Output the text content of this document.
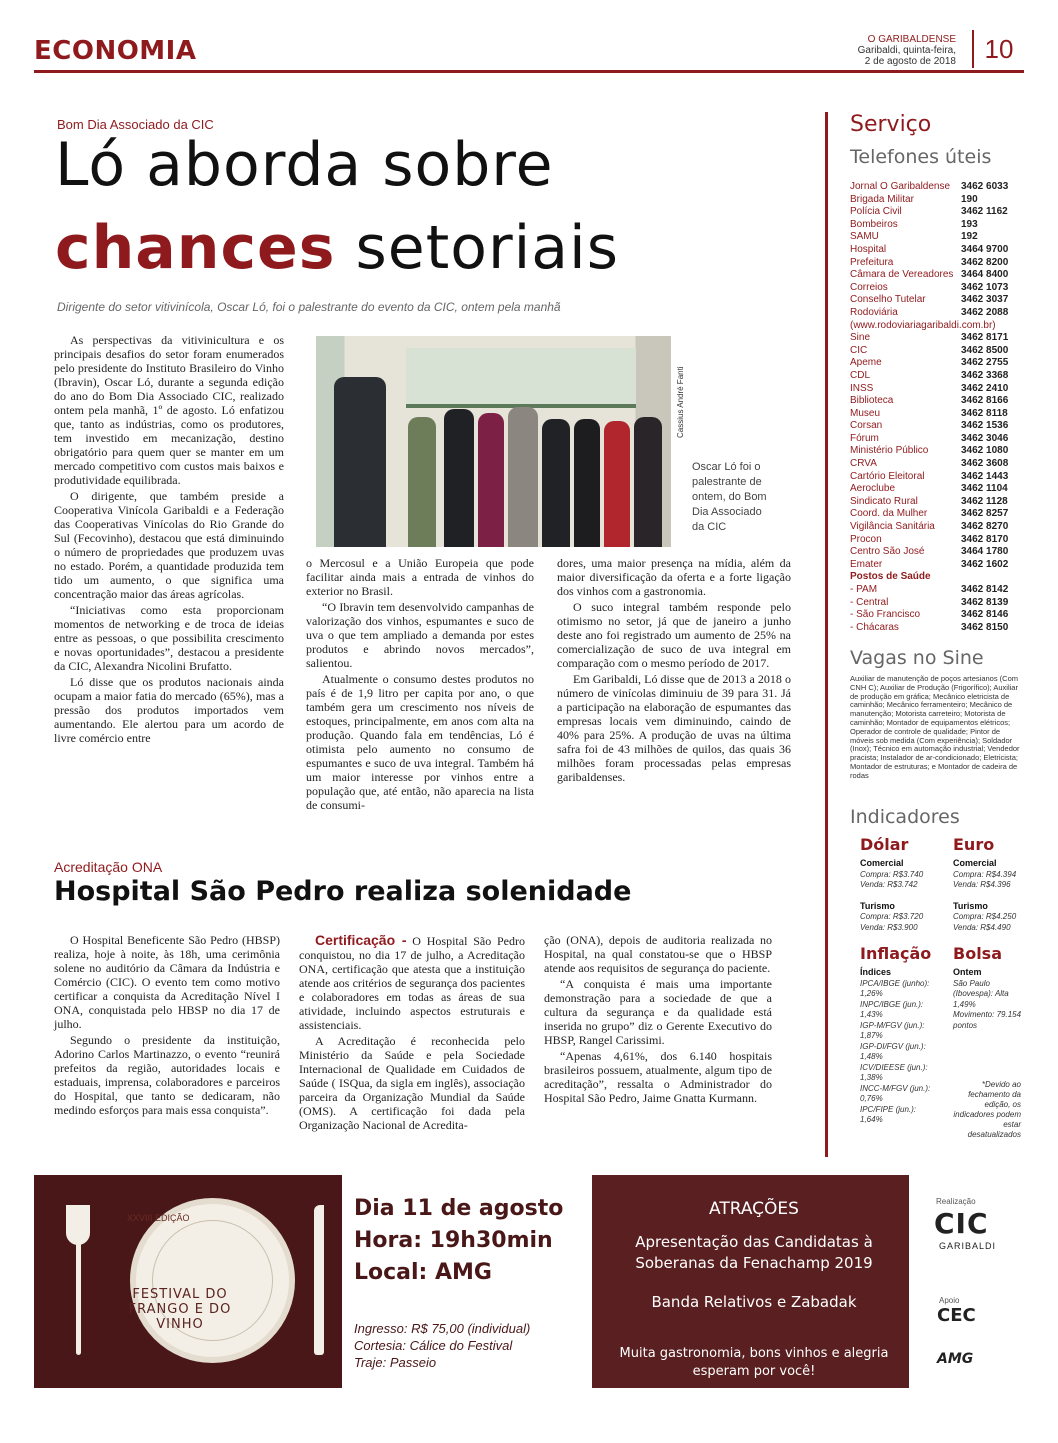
ECONOMIA	O GARIBALDENSE
Garibaldi, quinta-feira,
2 de agosto de 2018	10
Bom Dia Associado da CIC
Ló aborda sobre
chances setoriais
Dirigente do setor vitivinícola, Oscar Ló, foi o palestrante do evento da CIC, ontem pela manhã

As perspectivas da vitivinicultura e os principais desafios do setor foram enumerados pelo presidente do Instituto Brasileiro do Vinho (Ibravin), Oscar Ló, durante a segunda edição do ano do Bom Dia Associado CIC, realizado ontem pela manhã, 1º de agosto. Ló enfatizou que, tanto as indústrias, como os produtores, tem investido em mecanização, destino obrigatório para quem quer se manter em um mercado competitivo com custos mais baixos e produtividade equilibrada.

O dirigente, que também preside a Cooperativa Vinícola Garibaldi e a Federação das Cooperativas Vinícolas do Rio Grande do Sul (Fecovinho), destacou que está diminuindo o número de propriedades que produzem uvas no estado. Porém, a quantidade produzida tem tido um aumento, o que significa uma concentração maior das áreas agrícolas.

“Iniciativas como esta proporcionam momentos de networking e de troca de ideias entre as pessoas, o que possibilita crescimento e novas oportunidades”, destacou a presidente da CIC, Alexandra Nicolini Brufatto.

Ló disse que os produtos nacionais ainda ocupam a maior fatia do mercado (65%), mas a pressão dos produtos importados vem aumentando. Ele alertou para um acordo de livre comércio entre

Cassius André Fanti
Oscar Ló foi o palestrante de ontem, do Bom Dia Associado da CIC

o Mercosul e a União Europeia que pode facilitar ainda mais a entrada de vinhos do exterior no Brasil.

“O Ibravin tem desenvolvido campanhas de valorização dos vinhos, espumantes e suco de uva o que tem ampliado a demanda por estes produtos e abrindo novos mercados”, salientou.

Atualmente o consumo destes produtos no país é de 1,9 litro per capita por ano, o que também gera um crescimento nos níveis de estoques, principalmente, em anos com alta na produção. Quando fala em tendências, Ló é otimista pelo aumento no consumo de espumantes e suco de uva integral. Também há um maior interesse por vinhos entre a população que, até então, não aparecia na lista de consumi-

dores, uma maior presença na mídia, além da maior diversificação da oferta e a forte ligação dos vinhos com a gastronomia.

O suco integral também responde pelo otimismo no setor, já que de janeiro a junho deste ano foi registrado um aumento de 25% na comercialização de suco de uva integral em comparação com o mesmo período de 2017.

Em Garibaldi, Ló disse que de 2013 a 2018 o número de vinícolas diminuiu de 39 para 31. Já a participação na elaboração de espumantes das empresas locais vem diminuindo, caindo de 40% para 25%. A produção de uvas na última safra foi de 43 milhões de quilos, das quais 36 milhões foram processadas pelas empresas garibaldenses.

Acreditação ONA
Hospital São Pedro realiza solenidade

O Hospital Beneficente São Pedro (HBSP) realiza, hoje à noite, às 18h, uma cerimônia solene no auditório da Câmara da Indústria e Comércio (CIC). O evento tem como motivo certificar a conquista da Acreditação Nível I ONA, conquistada pelo HBSP no dia 17 de julho.

Segundo o presidente da instituição, Adorino Carlos Martinazzo, o evento “reunirá prefeitos da região, autoridades locais e estaduais, imprensa, colaboradores e parceiros do Hospital, que tanto se dedicaram, não medindo esforços para mais essa conquista”.

Certificação - O Hospital São Pedro conquistou, no dia 17 de julho, a Acreditação ONA, certificação que atesta que a instituição atende aos critérios de segurança dos pacientes e colaboradores em todas as áreas de sua atividade, incluindo aspectos estruturais e assistenciais.

A Acreditação é reconhecida pelo Ministério da Saúde e pela Sociedade Internacional de Qualidade em Cuidados de Saúde ( ISQua, da sigla em inglês), associação parceira da Organização Mundial da Saúde (OMS). A certificação foi dada pela Organização Nacional de Acredita-

ção (ONA), depois de auditoria realizada no Hospital, na qual constatou-se que o HBSP atende aos requisitos de segurança do paciente.

“A conquista é mais uma importante demonstração para a sociedade de que a cultura da segurança e da qualidade está inserida no grupo” diz o Gerente Executivo do HBSP, Rangel Carissimi.

“Apenas 4,61%, dos 6.140 hospitais brasileiros possuem, atualmente, algum tipo de acreditação”, ressalta o Administrador do Hospital São Pedro, Jaime Gnatta Kurmann.

Serviço
Telefones úteis
Jornal O Garibaldense	3462 6033
Brigada Militar	190
Polícia Civil	3462 1162
Bombeiros	193
SAMU	192
Hospital	3464 9700
Prefeitura	3462 8200
Câmara de Vereadores 3464 8400
Correios	3462 1073
Conselho Tutelar	3462 3037
Rodoviária	3462 2088
(www.rodoviariagaribaldi.com.br)
Sine	3462 8171
CIC	3462 8500
Apeme	3462 2755
CDL	3462 3368
INSS	3462 2410
Biblioteca	3462 8166
Museu	3462 8118
Corsan	3462 1536
Fórum	3462 3046
Ministério Público	3462 1080
CRVA	3462 3608
Cartório Eleitoral	3462 1443
Aeroclube	3462 1104
Sindicato Rural	3462 1128
Coord. da Mulher	3462 8257
Vigilância Sanitária	3462 8270
Procon	3462 8170
Centro São José	3464 1780
Emater	3462 1602
Postos de Saúde
- PAM	3462 8142
- Central	3462 8139
- São Francisco	3462 8146
- Chácaras	3462 8150
Vagas no Sine
Auxiliar de manutenção de poços artesianos (Com CNH C); Auxiliar de Produção (Frigorífico); Auxiliar de produção em gráfica; Mecânico eletricista de caminhão; Mecânico ferramenteiro; Mecânico de manutenção; Motorista carreteiro; Motorista de caminhão; Montador de equipamentos elétricos; Operador de controle de qualidade; Pintor de móveis sob medida (Com experiência); Soldador (Inox); Técnico em automação industrial; Vendedor pracista; Instalador de ar-condicionado; Eletricista; Montador de estruturas; e Montador de cadeira de rodas
Indicadores
Dólar
Comercial
Compra: R$3.740
Venda: R$3.742

Turismo
Compra: R$3.720
Venda: R$3.900
Euro
Comercial
Compra: R$4.394
Venda: R$4.396

Turismo
Compra: R$4.250
Venda: R$4.490
Inflação
Índices
IPCA/IBGE (junho): 1,26%
INPC/IBGE (jun.): 1,43%
IGP-M/FGV (jun.): 1,87%
IGP-DI/FGV (jun.): 1,48%
ICV/DIEESE (jun.): 1,38%
INCC-M/FGV (jun.): 0,76%
IPC/FIPE (jun.): 1,64%
Bolsa
Ontem
São Paulo (Ibovespa): Alta 1,49%
Movimento: 79.154 pontos
*Devido ao fechamento da edição, os indicadores podem estar desatualizados
ATRAÇÕES
Apresentação das Candidatas à Soberanas da Fenachamp 2019
Banda Relativos e Zabadak
Muita gastronomia, bons vinhos e alegria esperam por você!
Realização
CIC
GARIBALDI
Apoio
CEC
AMG
XXVIII EDIÇÃO
FESTIVAL DO FRANGO E DO VINHO
Dia 11 de agosto
Hora: 19h30min
Local: AMG
Ingresso: R$ 75,00 (individual)
Cortesia: Cálice do Festival
Traje: Passeio
